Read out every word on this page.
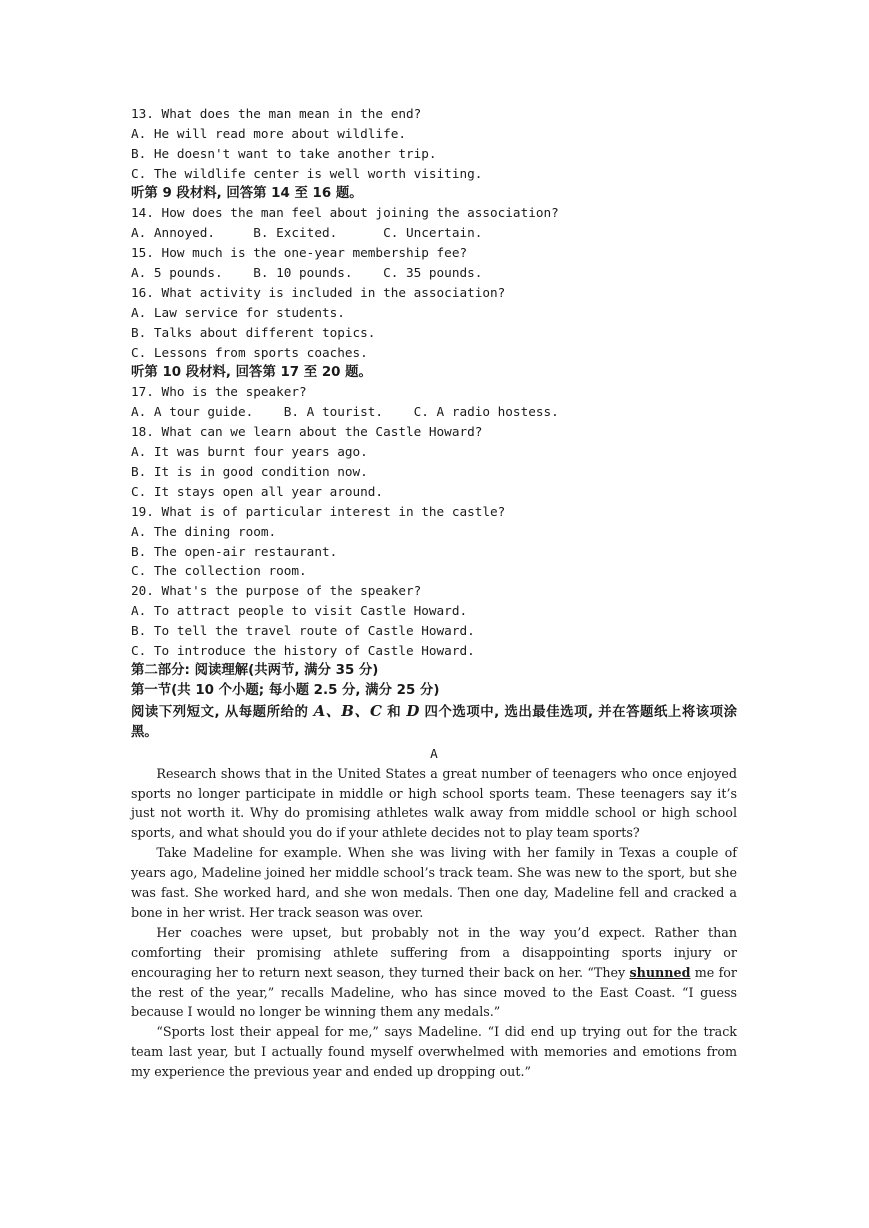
13. What does the man mean in the end?
A. He will read more about wildlife.
B. He doesn't want to take another trip.
C. The wildlife center is well worth visiting.
听第 9 段材料, 回答第 14 至 16 题。
14. How does the man feel about joining the association?
A. Annoyed.     B. Excited.      C. Uncertain.
15. How much is the one-year membership fee?
A. 5 pounds.    B. 10 pounds.    C. 35 pounds.
16. What activity is included in the association?
A. Law service for students.
B. Talks about different topics.
C. Lessons from sports coaches.
听第 10 段材料, 回答第 17 至 20 题。
17. Who is the speaker?
A. A tour guide.    B. A tourist.    C. A radio hostess.
18. What can we learn about the Castle Howard?
A. It was burnt four years ago.
B. It is in good condition now.
C. It stays open all year around.
19. What is of particular interest in the castle?
A. The dining room.
B. The open-air restaurant.
C. The collection room.
20. What's the purpose of the speaker?
A. To attract people to visit Castle Howard.
B. To tell the travel route of Castle Howard.
C. To introduce the history of Castle Howard.
第二部分: 阅读理解(共两节, 满分 35 分)
第一节(共 10 个小题; 每小题 2.5 分, 满分 25 分)
阅读下列短文, 从每题所给的 A、B、C 和 D 四个选项中, 选出最佳选项, 并在答题纸上将该项涂黑。
A

Research shows that in the United States a great number of teenagers who once enjoyed sports no longer participate in middle or high school sports team. These teenagers say it’s just not worth it. Why do promising athletes walk away from middle school or high school sports, and what should you do if your athlete decides not to play team sports?

Take Madeline for example. When she was living with her family in Texas a couple of years ago, Madeline joined her middle school’s track team. She was new to the sport, but she was fast. She worked hard, and she won medals. Then one day, Madeline fell and cracked a bone in her wrist. Her track season was over.

Her coaches were upset, but probably not in the way you’d expect. Rather than comforting their promising athlete suffering from a disappointing sports injury or encouraging her to return next season, they turned their back on her. “They shunned me for the rest of the year,” recalls Madeline, who has since moved to the East Coast. “I guess because I would no longer be winning them any medals.”

“Sports lost their appeal for me,” says Madeline. “I did end up trying out for the track team last year, but I actually found myself overwhelmed with memories and emotions from my experience the previous year and ended up dropping out.”
